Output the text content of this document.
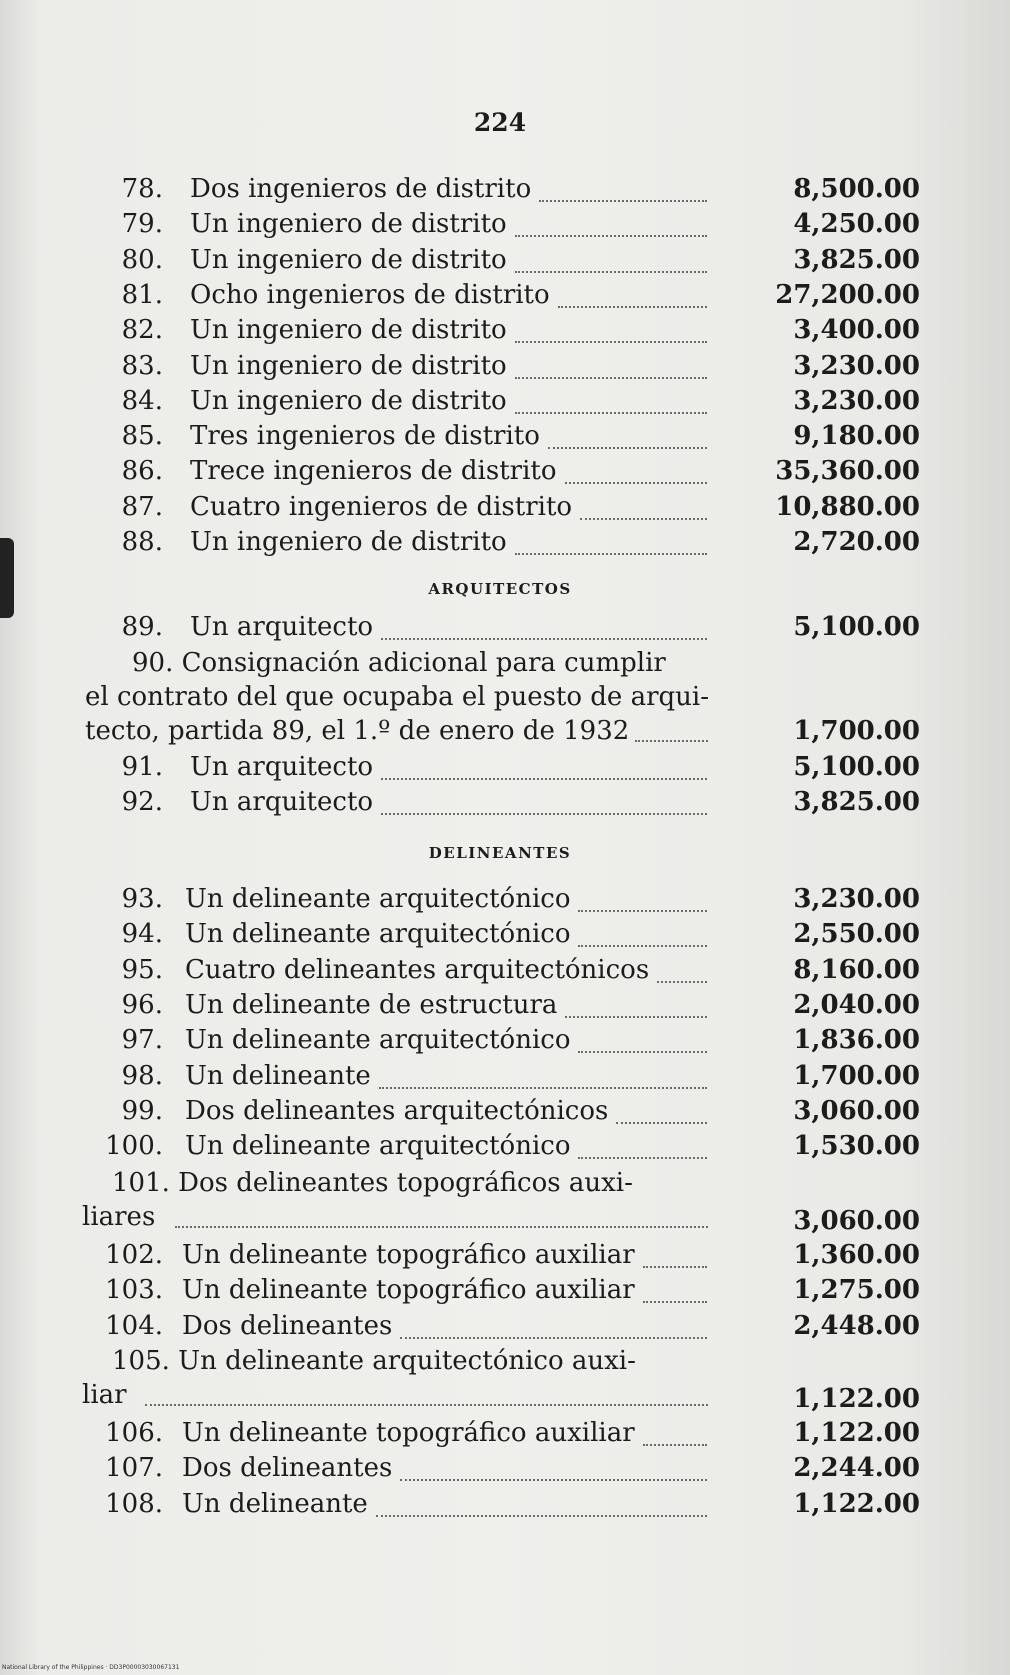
224
78. Dos ingenieros de distrito	8,500.00
79. Un ingeniero de distrito	4,250.00
80. Un ingeniero de distrito	3,825.00
81. Ocho ingenieros de distrito	27,200.00
82. Un ingeniero de distrito	3,400.00
83. Un ingeniero de distrito	3,230.00
84. Un ingeniero de distrito	3,230.00
85. Tres ingenieros de distrito	9,180.00
86. Trece ingenieros de distrito	35,360.00
87. Cuatro ingenieros de distrito	10,880.00
88. Un ingeniero de distrito	2,720.00
ARQUITECTOS
89. Un arquitecto	5,100.00
90. Consignación adicional para cumplir
el contrato del que ocupaba el puesto de arqui-
tecto, partida 89, el 1.º de enero de 1932	1,700.00
91. Un arquitecto	5,100.00
92. Un arquitecto	3,825.00
DELINEANTES
93. Un delineante arquitectónico	3,230.00
94. Un delineante arquitectónico	2,550.00
95. Cuatro delineantes arquitectónicos	8,160.00
96. Un delineante de estructura	2,040.00
97. Un delineante arquitectónico	1,836.00
98. Un delineante	1,700.00
99. Dos delineantes arquitectónicos	3,060.00
100. Un delineante arquitectónico	1,530.00
101. Dos delineantes topográficos auxi-
liares	3,060.00
102. Un delineante topográfico auxiliar	1,360.00
103. Un delineante topográfico auxiliar	1,275.00
104. Dos delineantes	2,448.00
105. Un delineante arquitectónico auxi-
liar	1,122.00
106. Un delineante topográfico auxiliar	1,122.00
107. Dos delineantes	2,244.00
108. Un delineante	1,122.00
National Library of the Philippines · DD3P00003030067131
